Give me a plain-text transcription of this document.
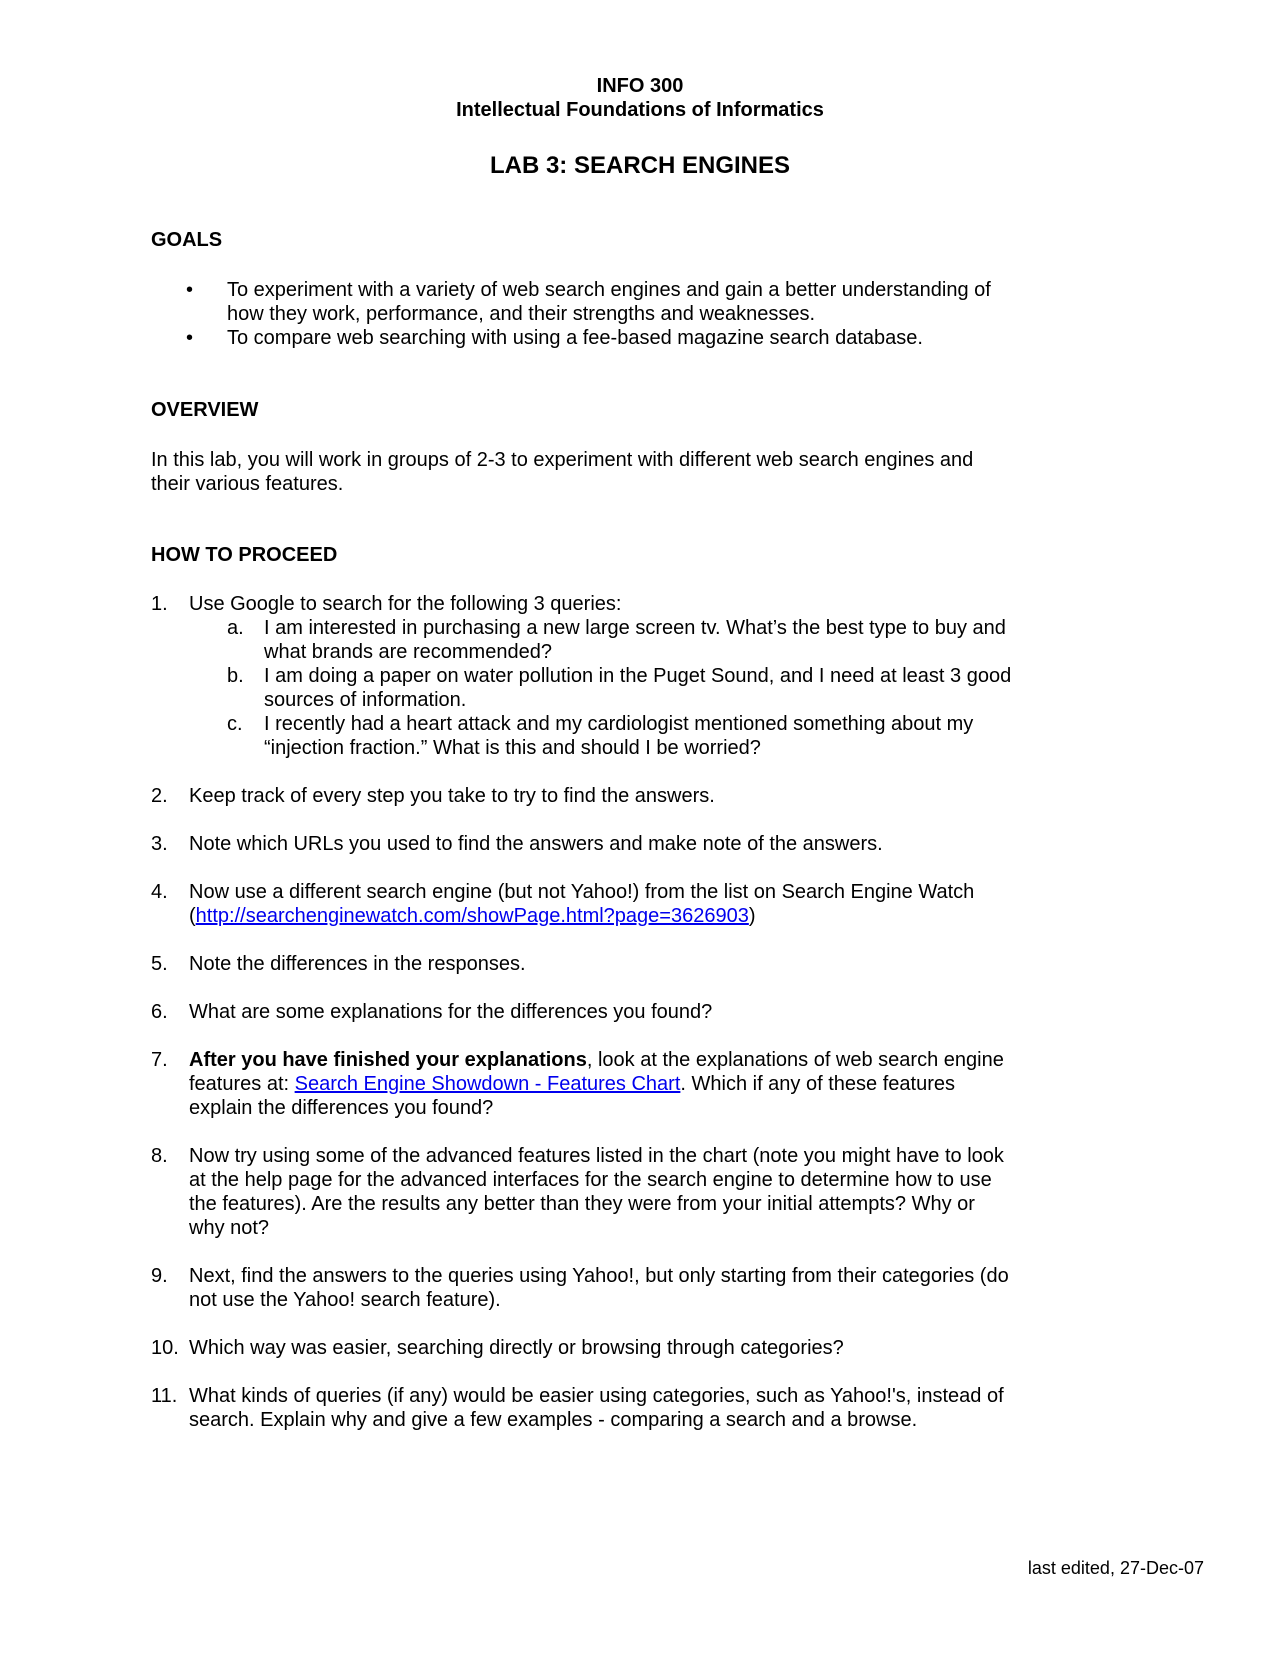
INFO 300
Intellectual Foundations of Informatics
LAB 3: SEARCH ENGINES
GOALS
• To experiment with a variety of web search engines and gain a better understanding of
how they work, performance, and their strengths and weaknesses.
• To compare web searching with using a fee-based magazine search database.
OVERVIEW
In this lab, you will work in groups of 2-3 to experiment with different web search engines and
their various features.
HOW TO PROCEED
1.	Use Google to search for the following 3 queries:
a. I am interested in purchasing a new large screen tv. What’s the best type to buy and
what brands are recommended?
b. I am doing a paper on water pollution in the Puget Sound, and I need at least 3 good
sources of information.
c. I recently had a heart attack and my cardiologist mentioned something about my
“injection fraction.” What is this and should I be worried?
2.	Keep track of every step you take to try to find the answers.
3.	Note which URLs you used to find the answers and make note of the answers.
4.	Now use a different search engine (but not Yahoo!) from the list on Search Engine Watch
(http://searchenginewatch.com/showPage.html?page=3626903)
5.	Note the differences in the responses.
6.	What are some explanations for the differences you found?
7.	After you have finished your explanations, look at the explanations of web search engine
features at: Search Engine Showdown - Features Chart. Which if any of these features
explain the differences you found?
8.	Now try using some of the advanced features listed in the chart (note you might have to look
at the help page for the advanced interfaces for the search engine to determine how to use
the features). Are the results any better than they were from your initial attempts? Why or
why not?
9.	Next, find the answers to the queries using Yahoo!, but only starting from their categories (do
not use the Yahoo! search feature).
10. Which way was easier, searching directly or browsing through categories?
11. What kinds of queries (if any) would be easier using categories, such as Yahoo!'s, instead of
search. Explain why and give a few examples - comparing a search and a browse.
last edited, 27-Dec-07
